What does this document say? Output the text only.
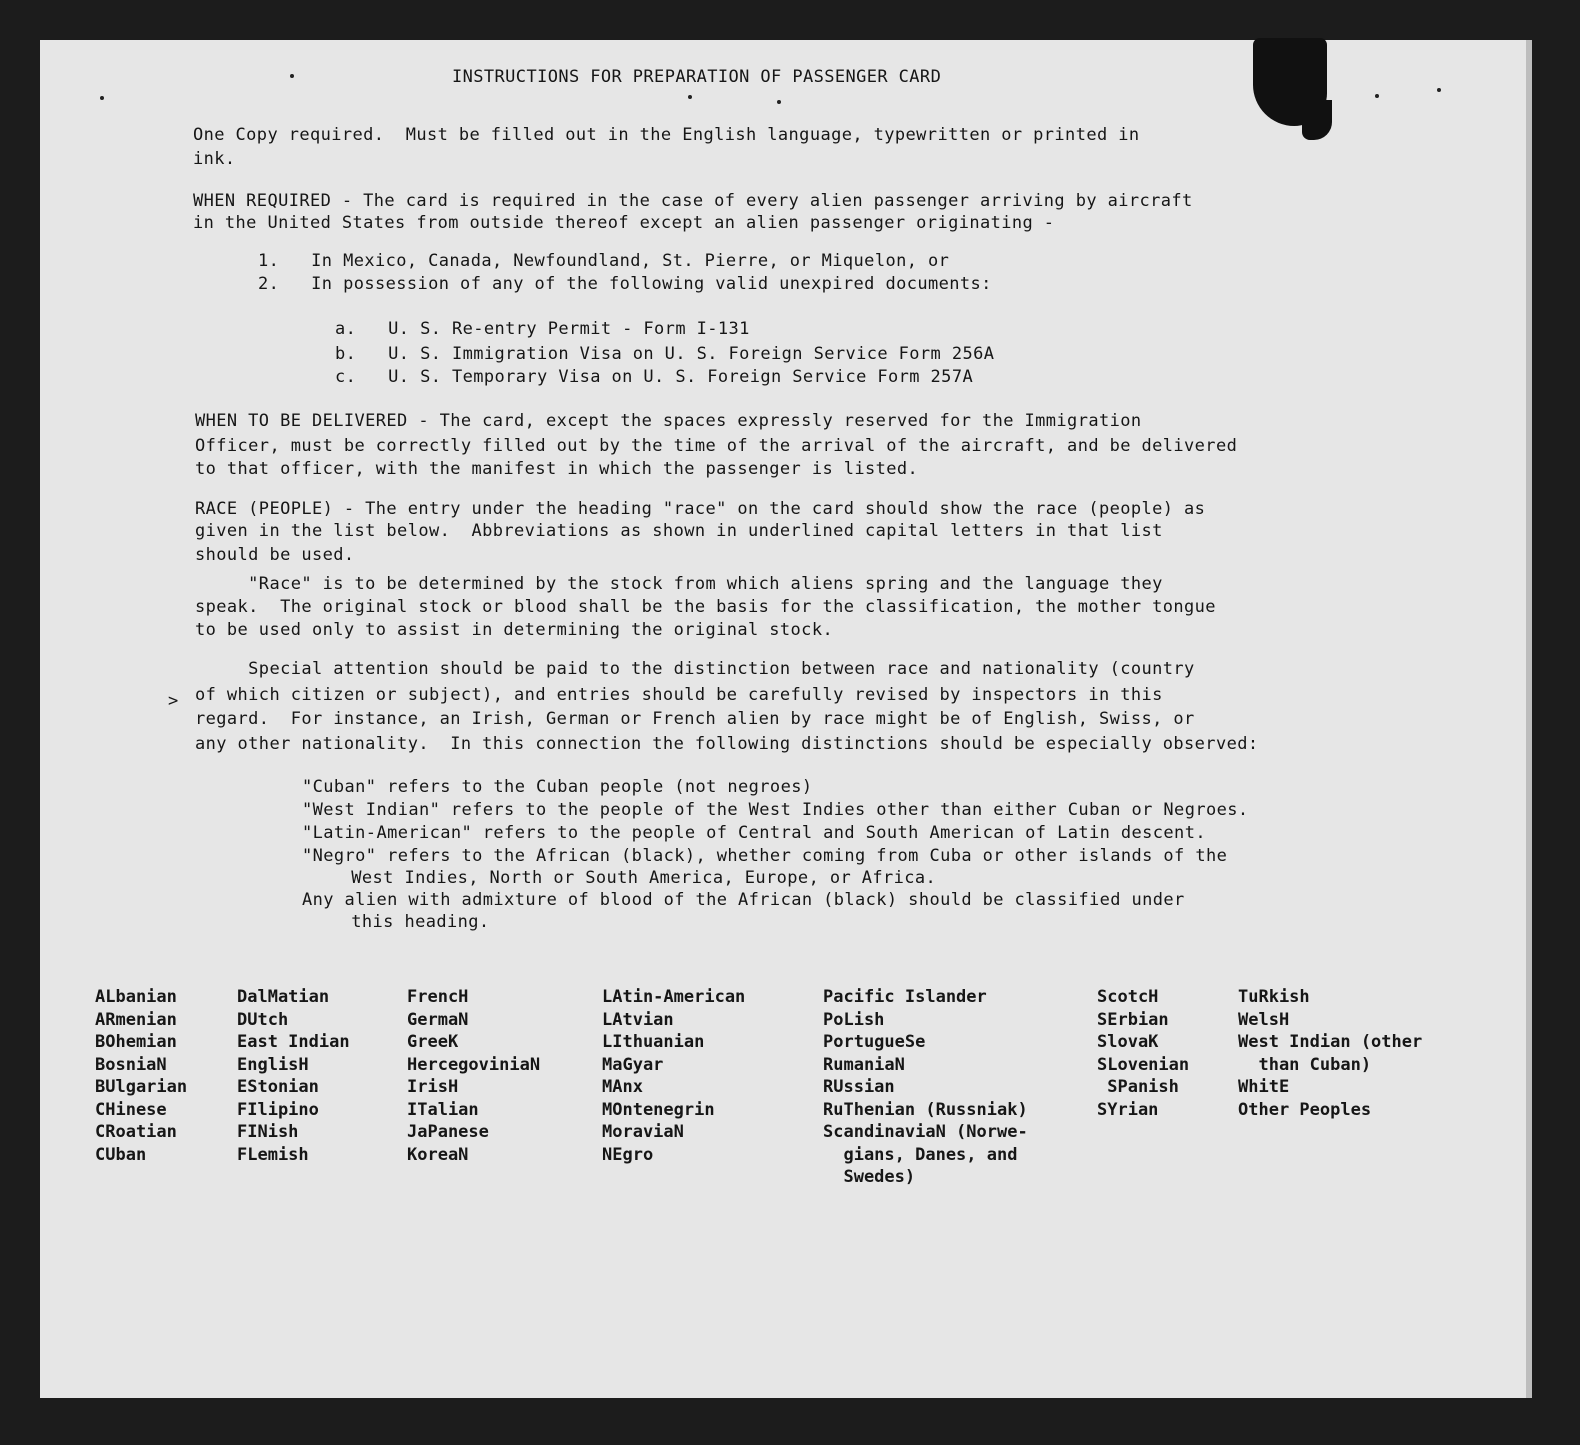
INSTRUCTIONS FOR PREPARATION OF PASSENGER CARD
One Copy required.  Must be filled out in the English language, typewritten or printed in
ink.
WHEN REQUIRED - The card is required in the case of every alien passenger arriving by aircraft
in the United States from outside thereof except an alien passenger originating -
1.   In Mexico, Canada, Newfoundland, St. Pierre, or Miquelon, or
2.   In possession of any of the following valid unexpired documents:
a.   U. S. Re-entry Permit - Form I-131
b.   U. S. Immigration Visa on U. S. Foreign Service Form 256A
c.   U. S. Temporary Visa on U. S. Foreign Service Form 257A
WHEN TO BE DELIVERED - The card, except the spaces expressly reserved for the Immigration
Officer, must be correctly filled out by the time of the arrival of the aircraft, and be delivered
to that officer, with the manifest in which the passenger is listed.
RACE (PEOPLE) - The entry under the heading "race" on the card should show the race (people) as
given in the list below.  Abbreviations as shown in underlined capital letters in that list
should be used.
"Race" is to be determined by the stock from which aliens spring and the language they
speak.  The original stock or blood shall be the basis for the classification, the mother tongue
to be used only to assist in determining the original stock.
>
Special attention should be paid to the distinction between race and nationality (country
of which citizen or subject), and entries should be carefully revised by inspectors in this
regard.  For instance, an Irish, German or French alien by race might be of English, Swiss, or
any other nationality.  In this connection the following distinctions should be especially observed:
"Cuban" refers to the Cuban people (not negroes)
"West Indian" refers to the people of the West Indies other than either Cuban or Negroes.
"Latin-American" refers to the people of Central and South American of Latin descent.
"Negro" refers to the African (black), whether coming from Cuba or other islands of the
West Indies, North or South America, Europe, or Africa.
Any alien with admixture of blood of the African (black) should be classified under
this heading.
ALbanian
ARmenian
BOhemian
BosniaN
BUlgarian
CHinese
CRoatian
CUban
DalMatian
DUtch
East Indian
EnglisH
EStonian
FIlipino
FINish
FLemish
FrencH
GermaN
GreeK
HercegoviniaN
IrisH
ITalian
JaPanese
KoreaN
LAtin-American
LAtvian
LIthuanian
MaGyar
MAnx
MOntenegrin
MoraviaN
NEgro
Pacific Islander
PoLish
PortugueSe
RumaniaN
RUssian
RuThenian (Russniak)
ScandinaviaN (Norwe-
gians, Danes, and
Swedes)
ScotcH
SErbian
SlovaK
SLovenian
SPanish
SYrian
TuRkish
WelsH
West Indian (other
than Cuban)
WhitE
Other Peoples
